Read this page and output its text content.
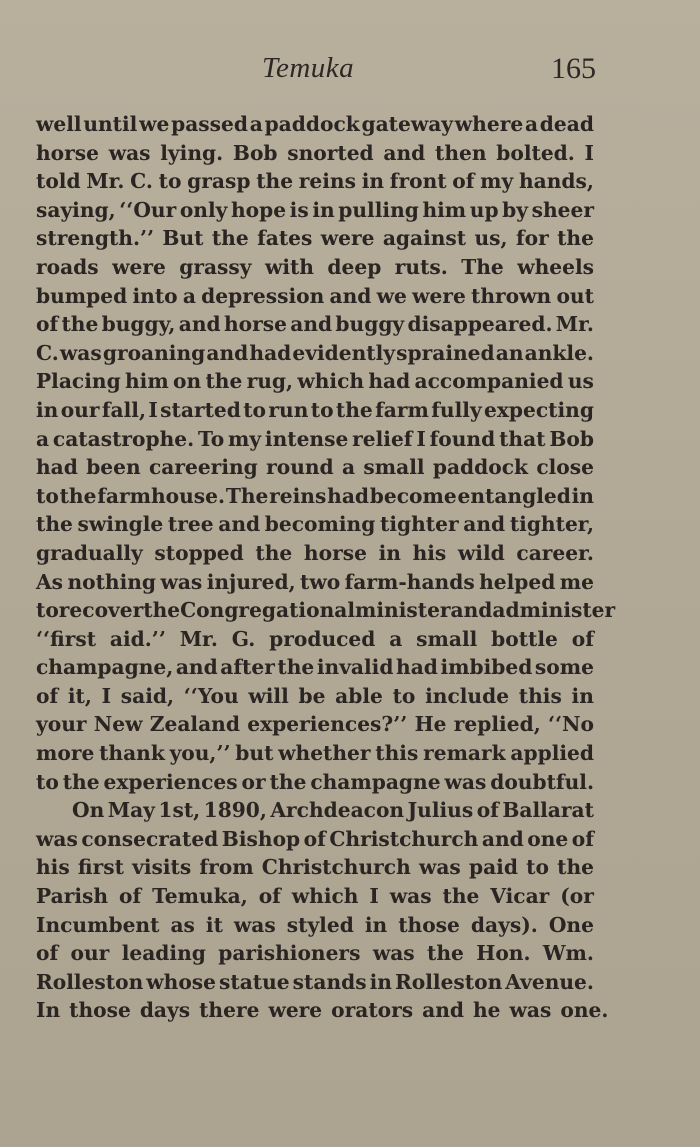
Temuka	165
well until we passed a paddock gateway where a dead
horse was lying. Bob snorted and then bolted. I
told Mr. C. to grasp the reins in front of my hands,
saying, ‘‘Our only hope is in pulling him up by sheer
strength.’’ But the fates were against us, for the
roads were grassy with deep ruts. The wheels
bumped into a depression and we were thrown out
of the buggy, and horse and buggy disappeared. Mr.
C. was groaning and had evidently sprained an ankle.
Placing him on the rug, which had accompanied us
in our fall, I started to run to the farm fully expecting
a catastrophe. To my intense relief I found that Bob
had been careering round a small paddock close
to the farmhouse. The reins had become entangled in
the swingle tree and becoming tighter and tighter,
gradually stopped the horse in his wild career.
As nothing was injured, two farm-hands helped me
to recover the Congregational minister and administer
‘‘first aid.’’ Mr. G. produced a small bottle of
champagne, and after the invalid had imbibed some
of it, I said, ‘‘You will be able to include this in
your New Zealand experiences?’’ He replied, ‘‘No
more thank you,’’ but whether this remark applied
to the experiences or the champagne was doubtful.
On May 1st, 1890, Archdeacon Julius of Ballarat
was consecrated Bishop of Christchurch and one of
his first visits from Christchurch was paid to the
Parish of Temuka, of which I was the Vicar (or
Incumbent as it was styled in those days). One
of our leading parishioners was the Hon. Wm.
Rolleston whose statue stands in Rolleston Avenue.
In those days there were orators and he was one.
